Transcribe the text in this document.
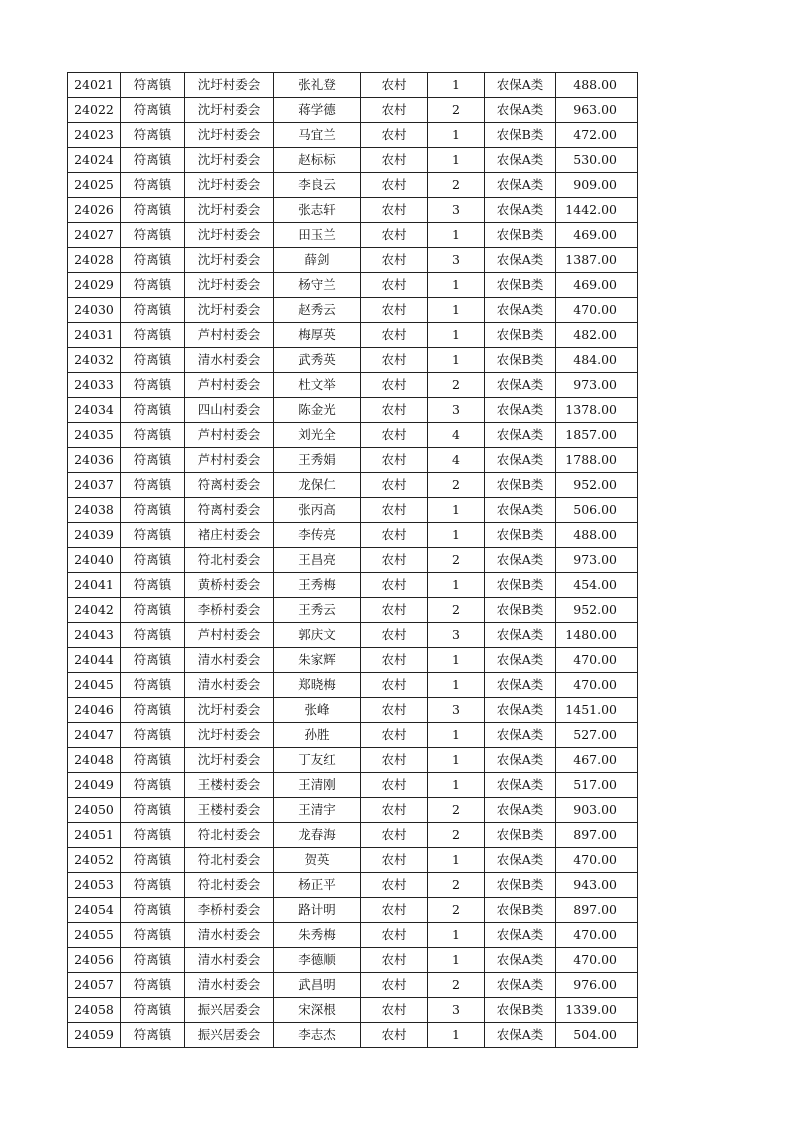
24021	符离镇	沈圩村委会	张礼登	农村	1	农保A类	488.00
24022	符离镇	沈圩村委会	蒋学德	农村	2	农保A类	963.00
24023	符离镇	沈圩村委会	马宜兰	农村	1	农保B类	472.00
24024	符离镇	沈圩村委会	赵标标	农村	1	农保A类	530.00
24025	符离镇	沈圩村委会	李良云	农村	2	农保A类	909.00
24026	符离镇	沈圩村委会	张志轩	农村	3	农保A类	1442.00
24027	符离镇	沈圩村委会	田玉兰	农村	1	农保B类	469.00
24028	符离镇	沈圩村委会	薛剑	农村	3	农保A类	1387.00
24029	符离镇	沈圩村委会	杨守兰	农村	1	农保B类	469.00
24030	符离镇	沈圩村委会	赵秀云	农村	1	农保A类	470.00
24031	符离镇	芦村村委会	梅厚英	农村	1	农保B类	482.00
24032	符离镇	清水村委会	武秀英	农村	1	农保B类	484.00
24033	符离镇	芦村村委会	杜文举	农村	2	农保A类	973.00
24034	符离镇	四山村委会	陈金光	农村	3	农保A类	1378.00
24035	符离镇	芦村村委会	刘光全	农村	4	农保A类	1857.00
24036	符离镇	芦村村委会	王秀娟	农村	4	农保A类	1788.00
24037	符离镇	符离村委会	龙保仁	农村	2	农保B类	952.00
24038	符离镇	符离村委会	张丙高	农村	1	农保A类	506.00
24039	符离镇	褚庄村委会	李传亮	农村	1	农保B类	488.00
24040	符离镇	符北村委会	王昌亮	农村	2	农保A类	973.00
24041	符离镇	黄桥村委会	王秀梅	农村	1	农保B类	454.00
24042	符离镇	李桥村委会	王秀云	农村	2	农保B类	952.00
24043	符离镇	芦村村委会	郭庆文	农村	3	农保A类	1480.00
24044	符离镇	清水村委会	朱家辉	农村	1	农保A类	470.00
24045	符离镇	清水村委会	郑晓梅	农村	1	农保A类	470.00
24046	符离镇	沈圩村委会	张峰	农村	3	农保A类	1451.00
24047	符离镇	沈圩村委会	孙胜	农村	1	农保A类	527.00
24048	符离镇	沈圩村委会	丁友红	农村	1	农保A类	467.00
24049	符离镇	王楼村委会	王清刚	农村	1	农保A类	517.00
24050	符离镇	王楼村委会	王清宇	农村	2	农保A类	903.00
24051	符离镇	符北村委会	龙春海	农村	2	农保B类	897.00
24052	符离镇	符北村委会	贺英	农村	1	农保A类	470.00
24053	符离镇	符北村委会	杨正平	农村	2	农保B类	943.00
24054	符离镇	李桥村委会	路计明	农村	2	农保B类	897.00
24055	符离镇	清水村委会	朱秀梅	农村	1	农保A类	470.00
24056	符离镇	清水村委会	李德顺	农村	1	农保A类	470.00
24057	符离镇	清水村委会	武昌明	农村	2	农保A类	976.00
24058	符离镇	振兴居委会	宋深根	农村	3	农保B类	1339.00
24059	符离镇	振兴居委会	李志杰	农村	1	农保A类	504.00
